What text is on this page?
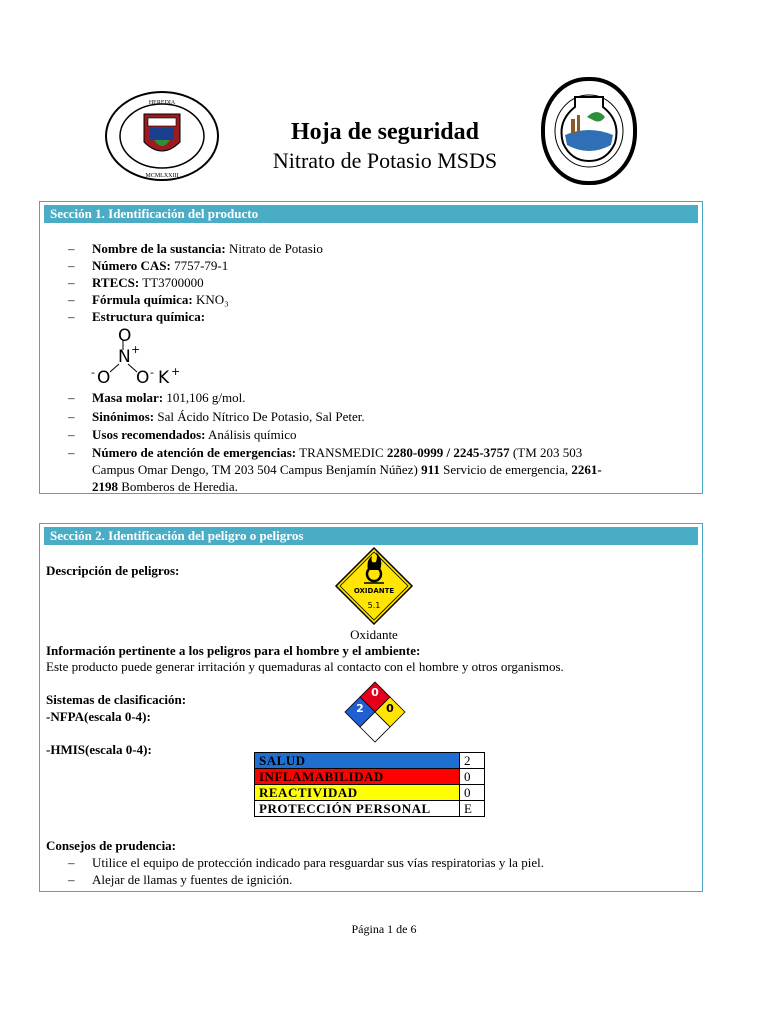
HEREDIA
MCMLXXIII
Hoja de seguridad
Nitrato de Potasio MSDS
Sección 1. Identificación del producto
– Nombre de la sustancia: Nitrato de Potasio
– Número CAS: 7757-79-1
– RTECS: TT3700000
– Fórmula química: KNO₃
– Estructura química:
O
N +
- O O - K +
– Masa molar: 101,106 g/mol.
– Sinónimos: Sal Ácido Nítrico De Potasio, Sal Peter.
– Usos recomendados: Análisis químico
– Número de atención de emergencias: TRANSMEDIC 2280-0999 / 2245-3757 (TM 203 503
Campus Omar Dengo, TM 203 504 Campus Benjamín Núñez) 911 Servicio de emergencia, 2261-
2198 Bomberos de Heredia.
Sección 2. Identificación del peligro o peligros
Descripción de peligros:
OXIDANTE
5.1
Oxidante
Información pertinente a los peligros para el hombre y el ambiente:
Este producto puede generar irritación y quemaduras al contacto con el hombre y otros organismos.
Sistemas de clasificación:
-NFPA(escala 0-4):
0
2 0
-HMIS(escala 0-4):
SALUD	2
INFLAMABILIDAD	0
REACTIVIDAD	0
PROTECCIÓN PERSONAL	E
Consejos de prudencia:
– Utilice el equipo de protección indicado para resguardar sus vías respiratorias y la piel.
– Alejar de llamas y fuentes de ignición.
Página 1 de 6
